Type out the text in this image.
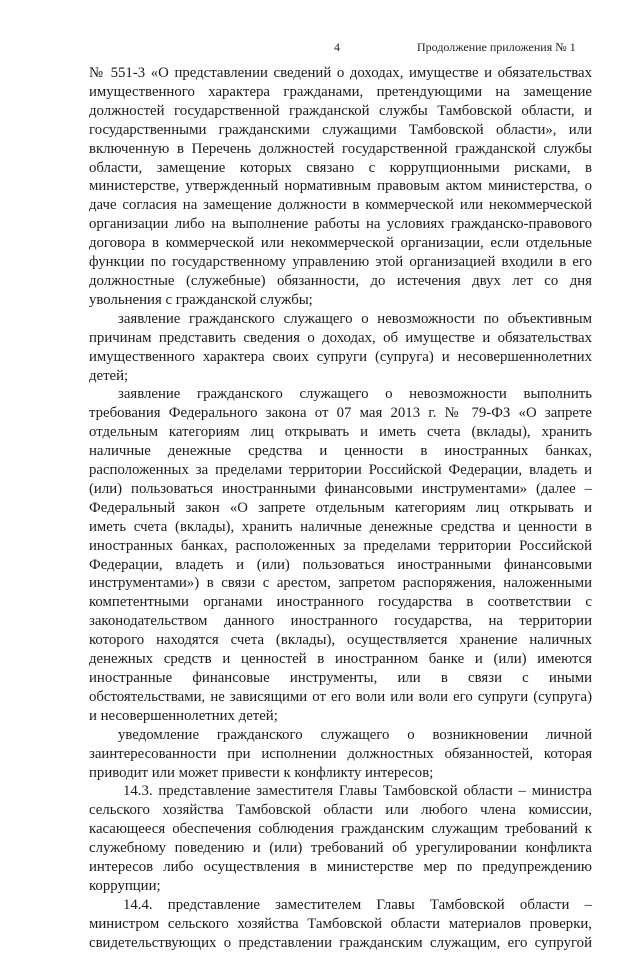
4	Продолжение приложения № 1

№ 551-3 «О представлении сведений о доходах, имуществе и обязательствах

имущественного характера гражданами, претендующими на замещение

должностей государственной гражданской службы Тамбовской области, и

государственными гражданскими служащими Тамбовской области», или

включенную в Перечень должностей государственной гражданской службы

области, замещение которых связано с коррупционными рисками, в

министерстве, утвержденный нормативным правовым актом министерства, о

даче согласия на замещение должности в коммерческой или некоммерческой

организации либо на выполнение работы на условиях гражданско-правового

договора в коммерческой или некоммерческой организации, если отдельные

функции по государственному управлению этой организацией входили в его

должностные (служебные) обязанности, до истечения двух лет со дня

увольнения с гражданской службы;

заявление гражданского служащего о невозможности по объективным

причинам представить сведения о доходах, об имуществе и обязательствах

имущественного характера своих супруги (супруга) и несовершеннолетних

детей;

заявление гражданского служащего о невозможности выполнить

требования Федерального закона от 07 мая 2013 г. № 79-ФЗ «О запрете

отдельным категориям лиц открывать и иметь счета (вклады), хранить

наличные денежные средства и ценности в иностранных банках,

расположенных за пределами территории Российской Федерации, владеть и

(или) пользоваться иностранными финансовыми инструментами» (далее –

Федеральный закон «О запрете отдельным категориям лиц открывать и

иметь счета (вклады), хранить наличные денежные средства и ценности в

иностранных банках, расположенных за пределами территории Российской

Федерации, владеть и (или) пользоваться иностранными финансовыми

инструментами») в связи с арестом, запретом распоряжения, наложенными

компетентными органами иностранного государства в соответствии с

законодательством данного иностранного государства, на территории

которого находятся счета (вклады), осуществляется хранение наличных

денежных средств и ценностей в иностранном банке и (или) имеются

иностранные финансовые инструменты, или в связи с иными

обстоятельствами, не зависящими от его воли или воли его супруги (супруга)

и несовершеннолетних детей;

уведомление гражданского служащего о возникновении личной

заинтересованности при исполнении должностных обязанностей, которая

приводит или может привести к конфликту интересов;

14.3. представление заместителя Главы Тамбовской области – министра

сельского хозяйства Тамбовской области или любого члена комиссии,

касающееся обеспечения соблюдения гражданским служащим требований к

служебному поведению и (или) требований об урегулировании конфликта

интересов либо осуществления в министерстве мер по предупреждению

коррупции;

14.4. представление заместителем Главы Тамбовской области –

министром сельского хозяйства Тамбовской области материалов проверки,

свидетельствующих о представлении гражданским служащим, его супругой
